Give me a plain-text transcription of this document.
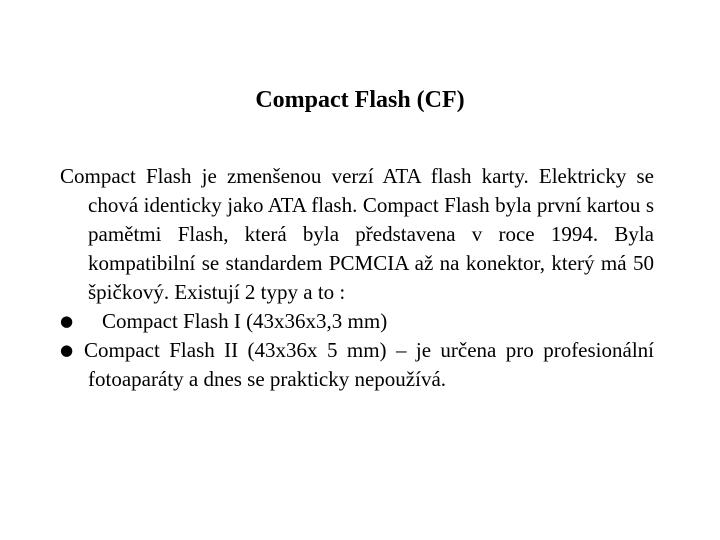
Compact Flash (CF)

Compact Flash je zmenšenou verzí ATA flash karty. Elektricky se chová identicky jako ATA flash. Compact Flash byla první kartou s pamětmi Flash, která byla představena v roce 1994. Byla kompatibilní se standardem PCMCIA až na konektor, který má 50 špičkový. Existují 2 typy a to :

●	Compact Flash I (43x36x3,3 mm)
● Compact Flash II (43x36x 5 mm) – je určena pro profesionální fotoaparáty a dnes se prakticky nepoužívá.
